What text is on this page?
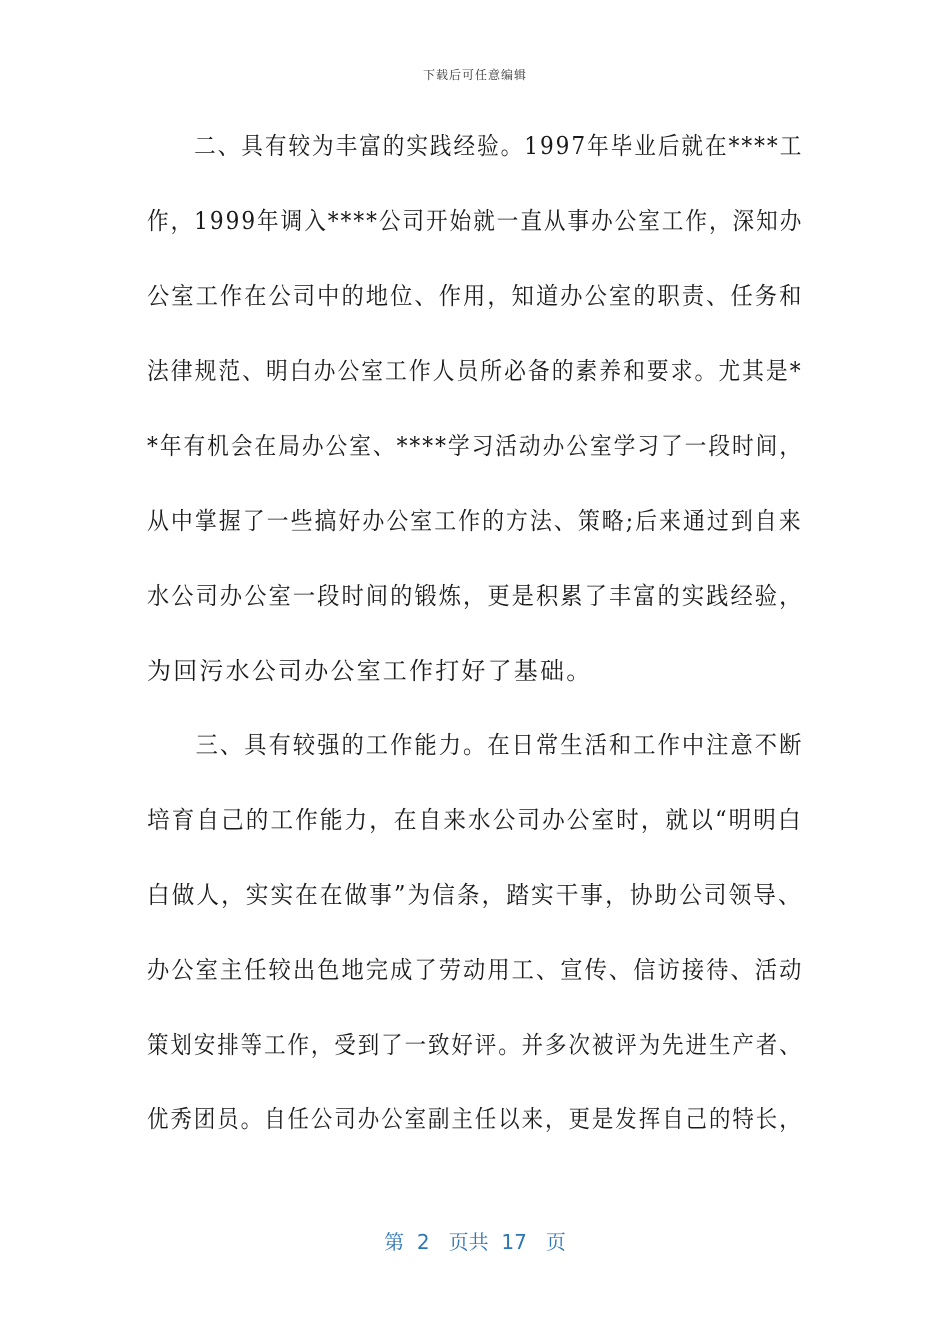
下载后可任意编辑
　　二、具有较为丰富的实践经验。1997年毕业后就在****工
作，1999年调入****公司开始就一直从事办公室工作，深知办
公室工作在公司中的地位、作用，知道办公室的职责、任务和
法律规范、明白办公室工作人员所必备的素养和要求。尤其是*
*年有机会在局办公室、****学习活动办公室学习了一段时间，
从中掌握了一些搞好办公室工作的方法、策略;后来通过到自来
水公司办公室一段时间的锻炼，更是积累了丰富的实践经验，
为回污水公司办公室工作打好了基础。
　　三、具有较强的工作能力。在日常生活和工作中注意不断
培育自己的工作能力，在自来水公司办公室时，就以“明明白
白做人，实实在在做事”为信条，踏实干事，协助公司领导、
办公室主任较出色地完成了劳动用工、宣传、信访接待、活动
策划安排等工作，受到了一致好评。并多次被评为先进生产者、
优秀团员。自任公司办公室副主任以来，更是发挥自己的特长，
第  2   页共  17   页
